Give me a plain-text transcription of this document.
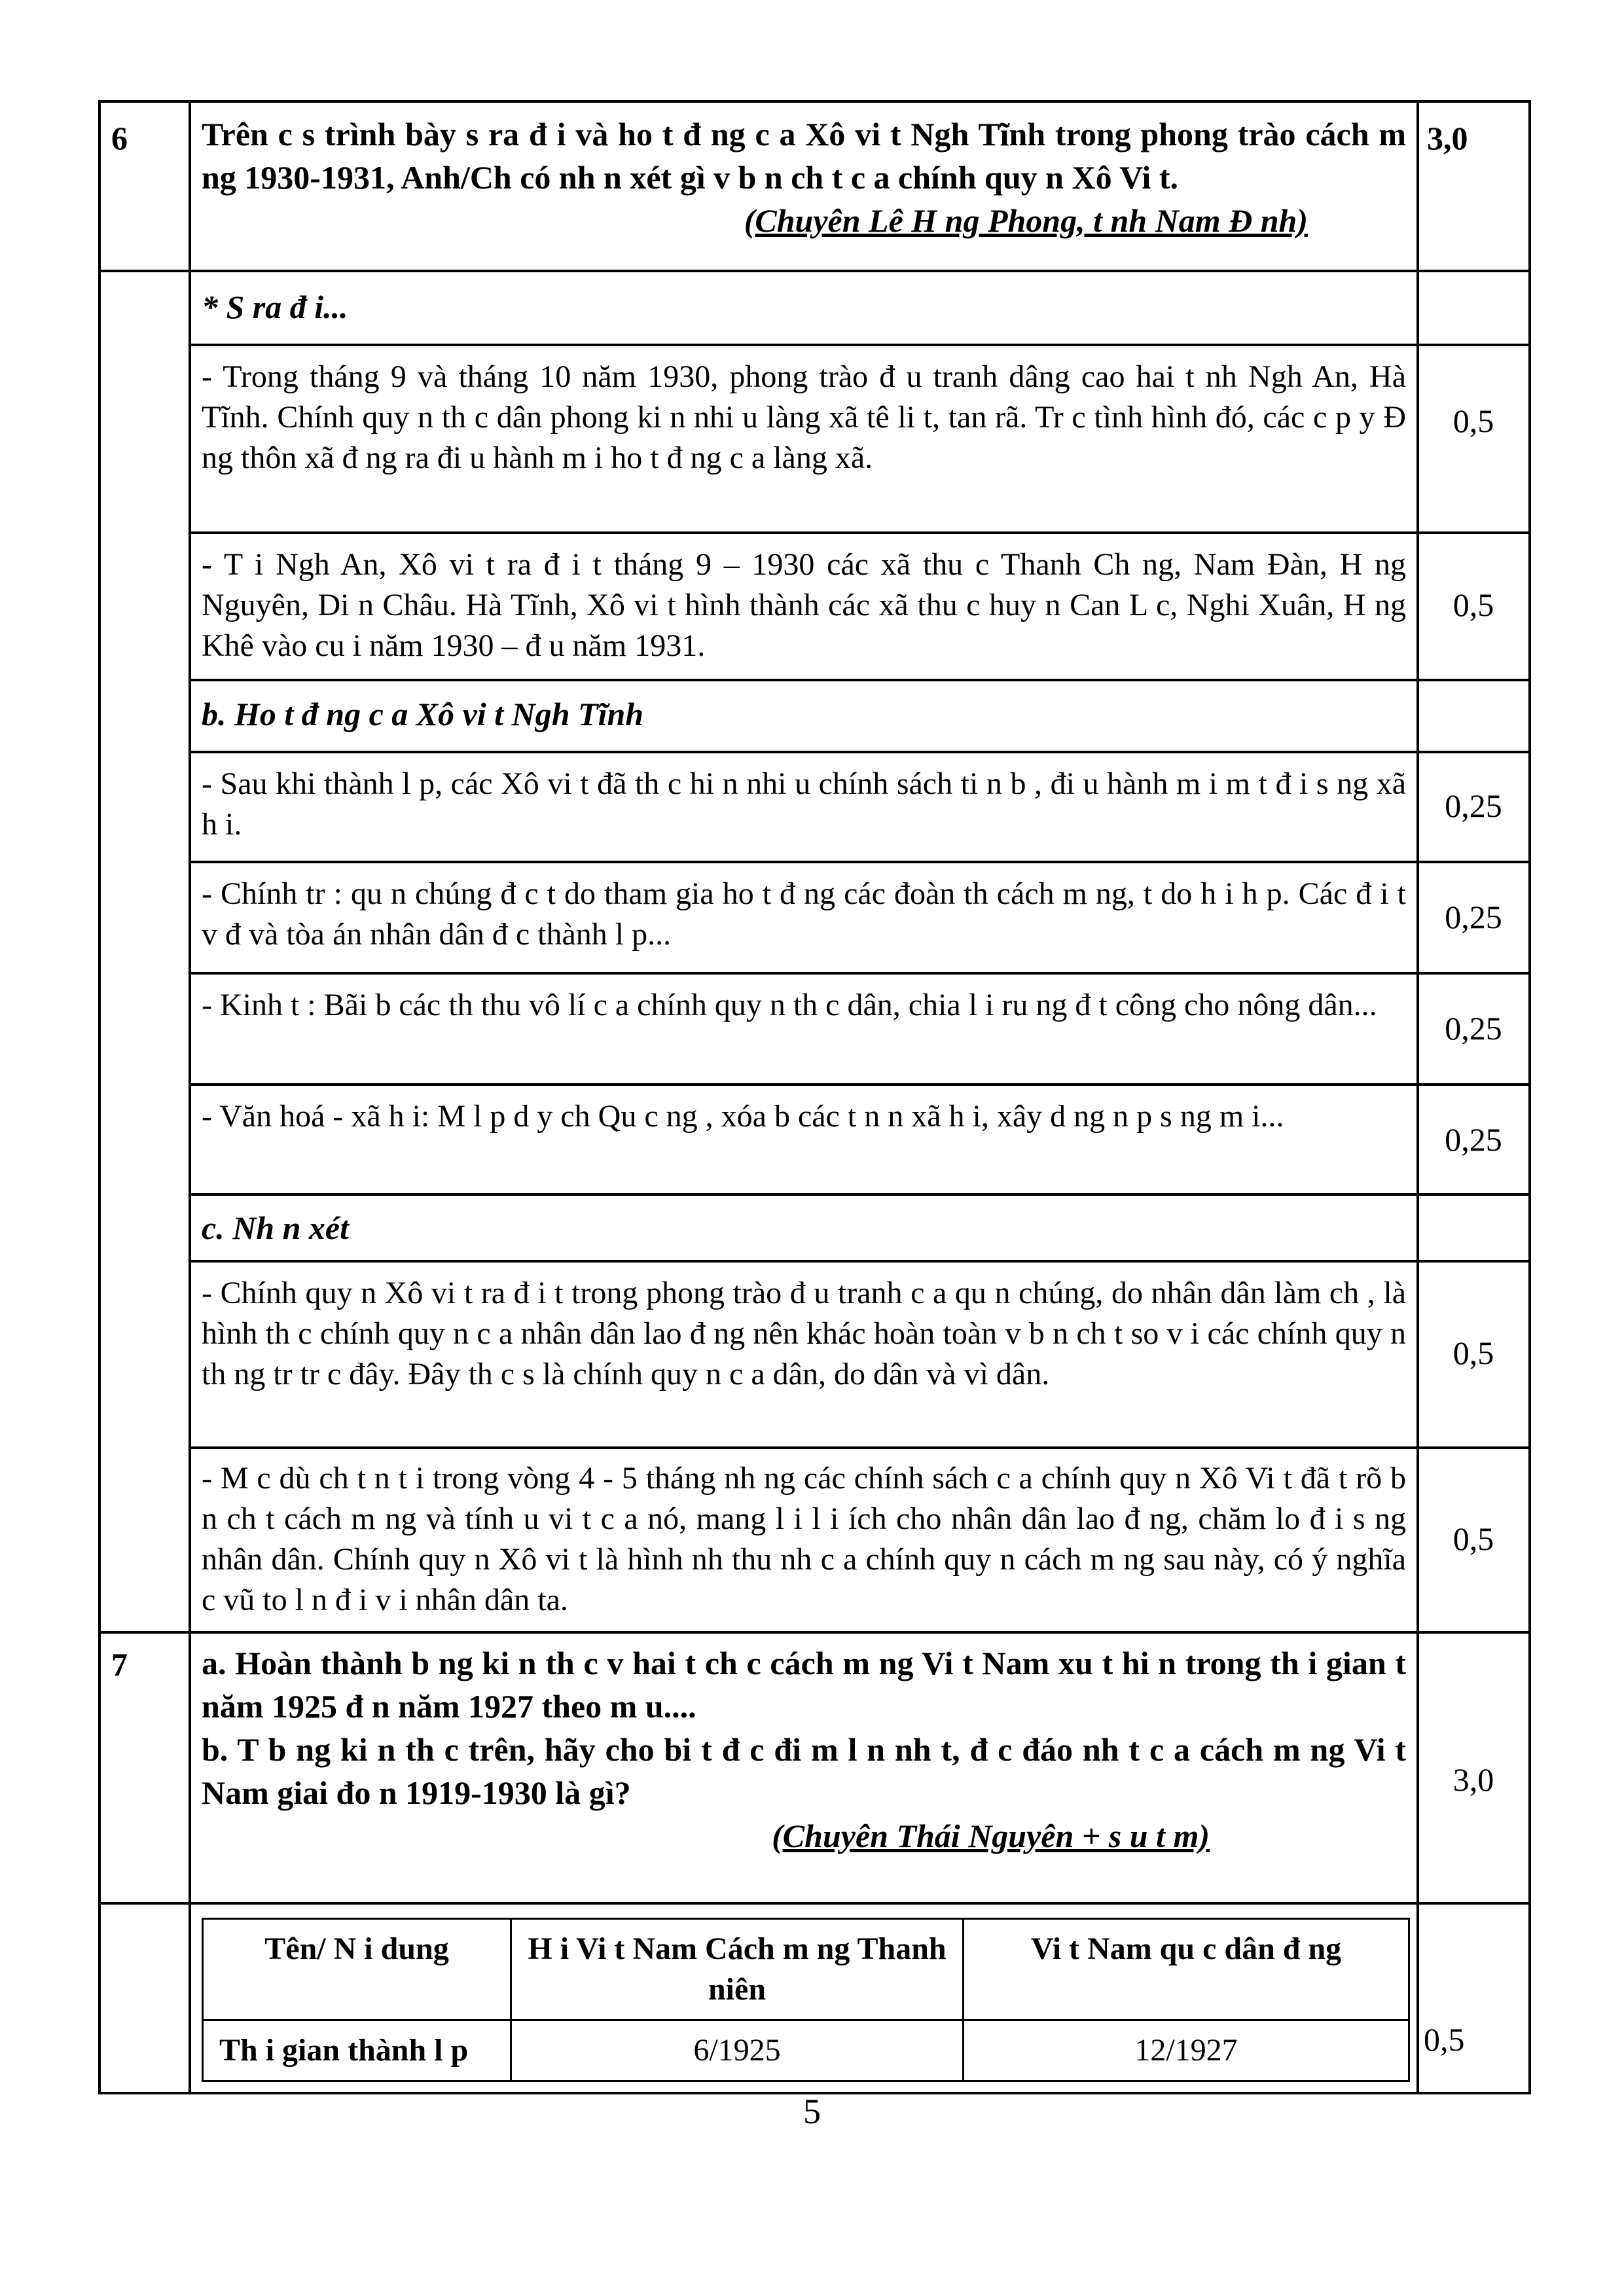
6 Trên c s trình bày s ra đ i và ho t đ ng c a Xô vi t Ngh Tĩnh trong phong trào cách m ng 1930-1931, Anh/Ch có nh n xét gì v b n ch t c a chính quy n Xô Vi t.
(Chuyên Lê H ng Phong, t nh Nam Đ nh)
3,0
* S ra đ i...
- Trong tháng 9 và tháng 10 năm 1930, phong trào đ u tranh dâng cao hai t nh Ngh An, Hà Tĩnh. Chính quy n th c dân phong ki n nhi u làng xã tê li t, tan rã. Tr c tình hình đó, các c p y Đ ng thôn xã đ ng ra đi u hành m i ho t đ ng c a làng xã.
0,5
- T i Ngh An, Xô vi t ra đ i t tháng 9 – 1930 các xã thu c Thanh Ch ng, Nam Đàn, H ng Nguyên, Di n Châu. Hà Tĩnh, Xô vi t hình thành các xã thu c huy n Can L c, Nghi Xuân, H ng Khê vào cu i năm 1930 – đ u năm 1931.
0,5
b. Ho t đ ng c a Xô vi t Ngh Tĩnh
- Sau khi thành l p, các Xô vi t đã th c hi n nhi u chính sách ti n b , đi u hành m i m t đ i s ng xã h i.
0,25
- Chính tr : qu n chúng đ c t do tham gia ho t đ ng các đoàn th cách m ng, t do h i h p. Các đ i t v đ và tòa án nhân dân đ c thành l p...	0,25
- Kinh t : Bãi b các th thu vô lí c a chính quy n th c dân, chia l i ru ng đ t công cho nông dân...
0,25
- Văn hoá - xã h i: M l p d y ch Qu c ng , xóa b các t n n xã h i, xây d ng n p s ng m i...
0,25
c. Nh n xét
- Chính quy n Xô vi t ra đ i t trong phong trào đ u tranh c a qu n chúng, do nhân dân làm ch , là hình th c chính quy n c a nhân dân lao đ ng nên khác hoàn toàn v b n ch t so v i các chính quy n th ng tr tr c đây. Đây th c s là chính quy n c a dân, do dân và vì dân.
0,5
- M c dù ch t n t i trong vòng 4 - 5 tháng nh ng các chính sách c a chính quy n Xô Vi t đã t rõ b n ch t cách m ng và tính u vi t c a nó, mang l i l i ích cho nhân dân lao đ ng, chăm lo đ i s ng nhân dân. Chính quy n Xô vi t là hình nh thu nh c a chính quy n cách m ng sau này, có ý nghĩa c vũ to l n đ i v i nhân dân ta.
0,5
7 a. Hoàn thành b ng ki n th c v hai t ch c cách m ng Vi t Nam xu t hi n trong th i gian t năm 1925 đ n năm 1927 theo m u....
b. T b ng ki n th c trên, hãy cho bi t đ c đi m l n nh t, đ c đáo nh t c a cách m ng Vi t Nam giai đo n 1919-1930 là gì?
(Chuyên Thái Nguyên + s u t m)
3,0
Tên/ N i dung	H i Vi t Nam Cách m ng Thanh niên	Vi t Nam qu c dân đ ng
Th i gian thành l p	6/1925	12/1927	0,5
5
